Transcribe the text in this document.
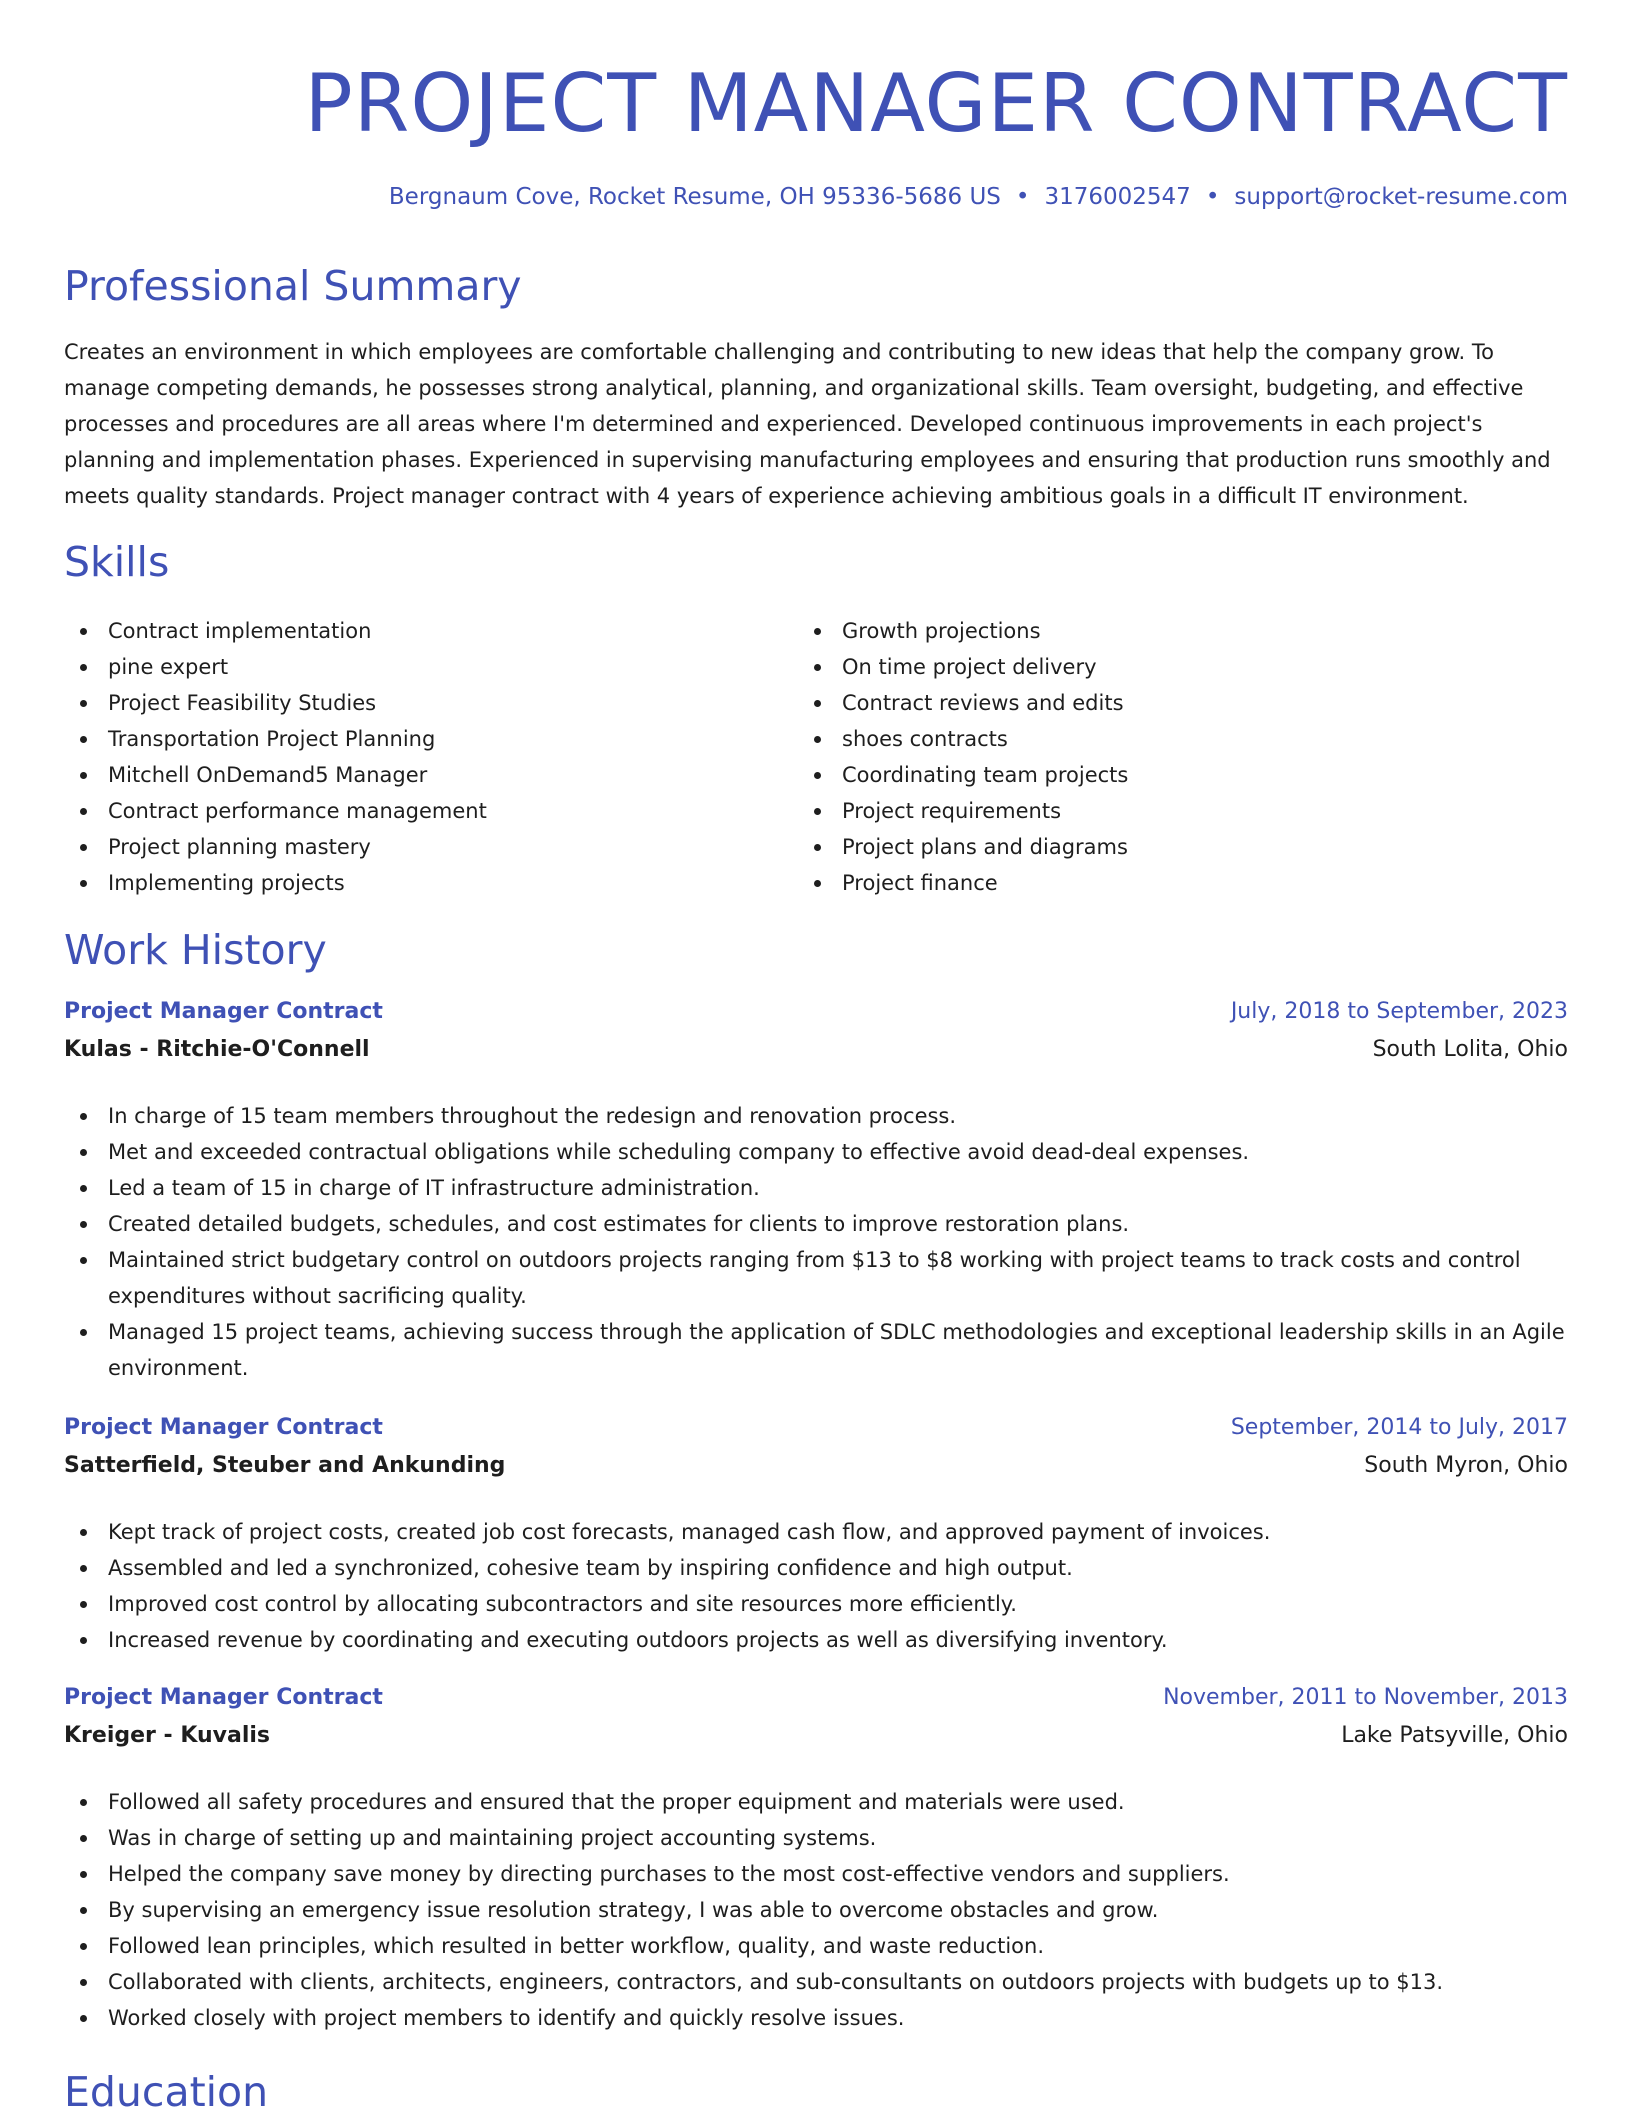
PROJECT MANAGER CONTRACT
Bergnaum Cove, Rocket Resume, OH 95336-5686 US • 3176002547 • support@rocket-resume.com
Professional Summary

Creates an environment in which employees are comfortable challenging and contributing to new ideas that help the company grow. To manage competing demands, he possesses strong analytical, planning, and organizational skills. Team oversight, budgeting, and effective processes and procedures are all areas where I'm determined and experienced. Developed continuous improvements in each project's planning and implementation phases. Experienced in supervising manufacturing employees and ensuring that production runs smoothly and meets quality standards. Project manager contract with 4 years of experience achieving ambitious goals in a difficult IT environment.

Skills
Contract implementation
pine expert
Project Feasibility Studies
Transportation Project Planning
Mitchell OnDemand5 Manager
Contract performance management
Project planning mastery
Implementing projects
Growth projections
On time project delivery
Contract reviews and edits
shoes contracts
Coordinating team projects
Project requirements
Project plans and diagrams
Project finance
Work History
Project Manager Contract	July, 2018 to September, 2023
Kulas - Ritchie-O'Connell	South Lolita, Ohio
In charge of 15 team members throughout the redesign and renovation process.
Met and exceeded contractual obligations while scheduling company to effective avoid dead-deal expenses.
Led a team of 15 in charge of IT infrastructure administration.
Created detailed budgets, schedules, and cost estimates for clients to improve restoration plans.
Maintained strict budgetary control on outdoors projects ranging from $13 to $8 working with project teams to track costs and control expenditures without sacrificing quality.
Managed 15 project teams, achieving success through the application of SDLC methodologies and exceptional leadership skills in an Agile environment.
Project Manager Contract	September, 2014 to July, 2017
Satterfield, Steuber and Ankunding	South Myron, Ohio
Kept track of project costs, created job cost forecasts, managed cash flow, and approved payment of invoices.
Assembled and led a synchronized, cohesive team by inspiring confidence and high output.
Improved cost control by allocating subcontractors and site resources more efficiently.
Increased revenue by coordinating and executing outdoors projects as well as diversifying inventory.
Project Manager Contract	November, 2011 to November, 2013
Kreiger - Kuvalis	Lake Patsyville, Ohio
Followed all safety procedures and ensured that the proper equipment and materials were used.
Was in charge of setting up and maintaining project accounting systems.
Helped the company save money by directing purchases to the most cost-effective vendors and suppliers.
By supervising an emergency issue resolution strategy, I was able to overcome obstacles and grow.
Followed lean principles, which resulted in better workflow, quality, and waste reduction.
Collaborated with clients, architects, engineers, contractors, and sub-consultants on outdoors projects with budgets up to $13.
Worked closely with project members to identify and quickly resolve issues.
Education
